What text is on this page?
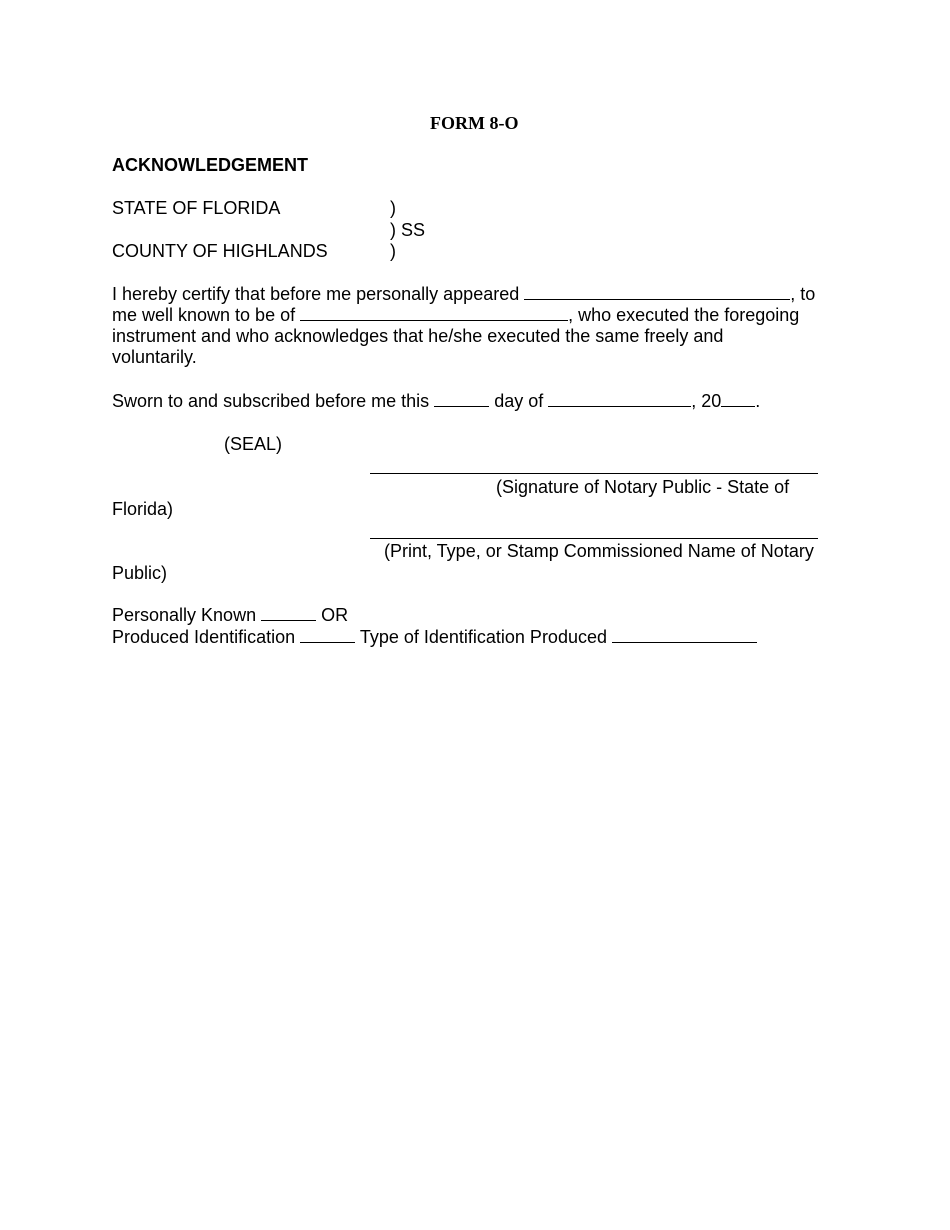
FORM 8-O
ACKNOWLEDGEMENT
STATE OF FLORIDA	)
) SS
COUNTY OF HIGHLANDS	)
I hereby certify that before me personally appeared	, to
me well known to be of	, who executed the foregoing
instrument and who acknowledges that he/she executed the same freely and
voluntarily.
Sworn to and subscribed before me this	day of	, 20 .
(SEAL)
(Signature of Notary Public - State of
Florida)
(Print, Type, or Stamp Commissioned Name of Notary
Public)
Personally Known	OR
Produced Identification	Type of Identification Produced
